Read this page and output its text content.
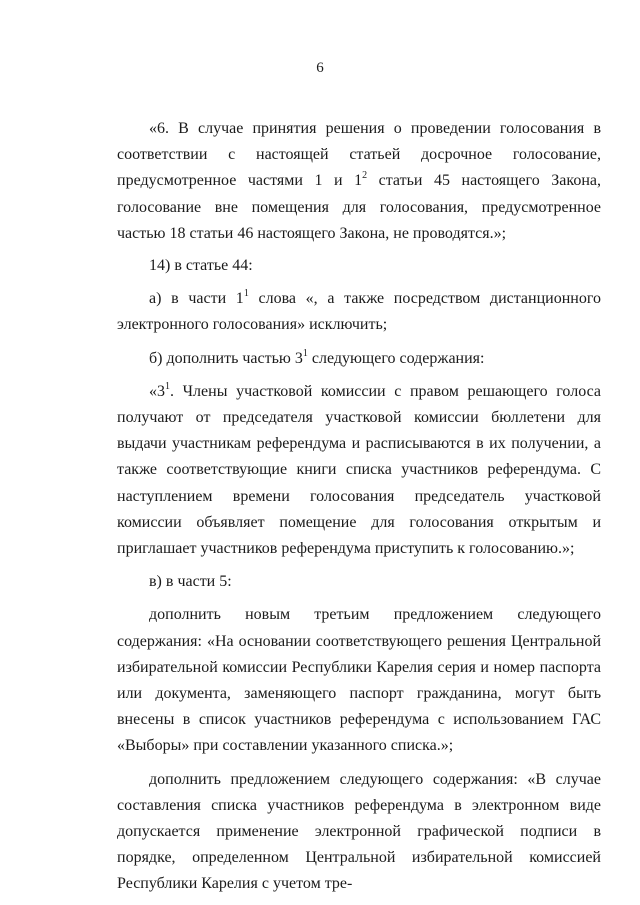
6

«6. В случае принятия решения о проведении голосования в соответствии с настоящей статьей досрочное голосование, предусмотренное частями 1 и $1^2$ статьи 45 настоящего Закона, голосование вне помещения для голосования, предусмотренное частью 18 статьи 46 настоящего Закона, не проводятся.»;

14) в статье 44:

а) в части $1^1$ слова «, а также посредством дистанционного электронного голосования» исключить;

б) дополнить частью $3^1$ следующего содержания:

«$3^1$. Члены участковой комиссии с правом решающего голоса получают от председателя участковой комиссии бюллетени для выдачи участникам референдума и расписываются в их получении, а также соответствующие книги списка участников референдума. С наступлением времени голосования председатель участковой комиссии объявляет помещение для голосования открытым и приглашает участников референдума приступить к голосованию.»;

в) в части 5:

дополнить новым третьим предложением следующего содержания: «На основании соответствующего решения Центральной избирательной комиссии Республики Карелия серия и номер паспорта или документа, заменяющего паспорт гражданина, могут быть внесены в список участников референдума с использованием ГАС «Выборы» при составлении указанного списка.»;

дополнить предложением следующего содержания: «В случае составления списка участников референдума в электронном виде допускается применение электронной графической подписи в порядке, определенном Центральной избирательной комиссией Республики Карелия с учетом тре-
